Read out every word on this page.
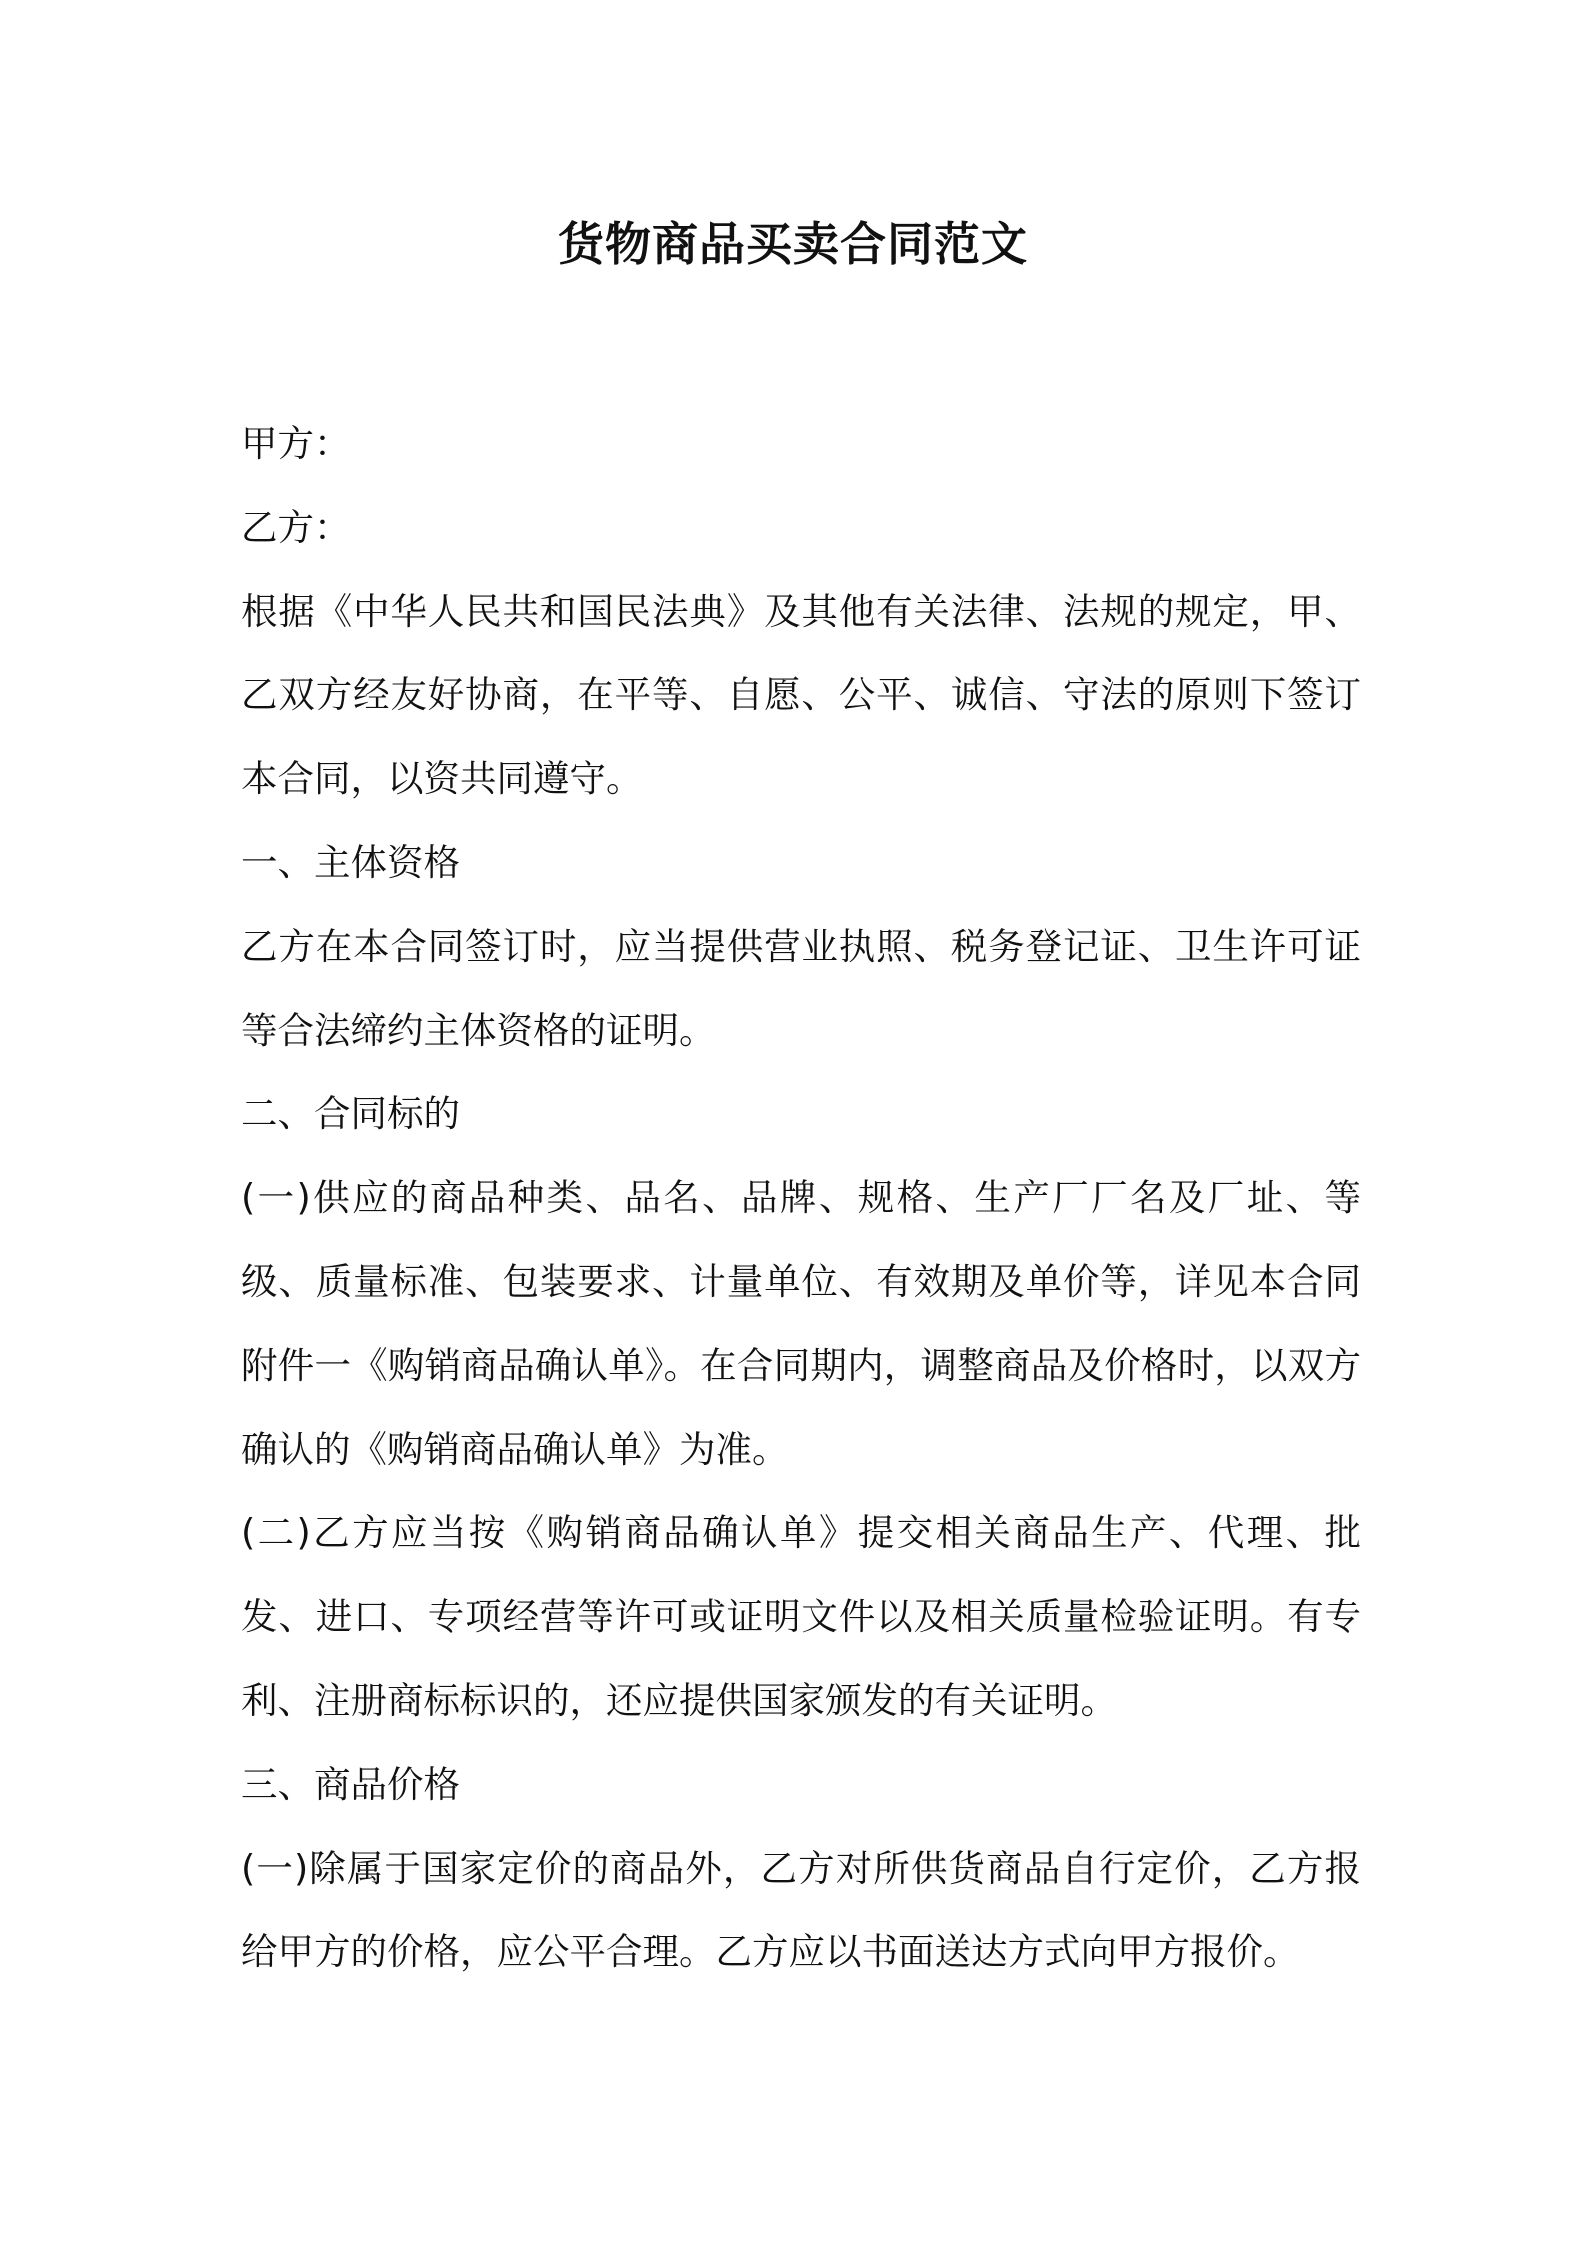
货物商品买卖合同范文

甲方：

乙方：

根据《中华人民共和国民法典》及其他有关法律、法规的规定，甲、乙双方经友好协商，在平等、自愿、公平、诚信、守法的原则下签订本合同，以资共同遵守。

一、主体资格

乙方在本合同签订时，应当提供营业执照、税务登记证、卫生许可证等合法缔约主体资格的证明。

二、合同标的

(一)供应的商品种类、品名、品牌、规格、生产厂厂名及厂址、等级、质量标准、包装要求、计量单位、有效期及单价等，详见本合同附件一《购销商品确认单》。在合同期内，调整商品及价格时，以双方确认的《购销商品确认单》为准。

(二)乙方应当按《购销商品确认单》提交相关商品生产、代理、批发、进口、专项经营等许可或证明文件以及相关质量检验证明。有专利、注册商标标识的，还应提供国家颁发的有关证明。

三、商品价格

(一)除属于国家定价的商品外，乙方对所供货商品自行定价，乙方报给甲方的价格，应公平合理。乙方应以书面送达方式向甲方报价。
